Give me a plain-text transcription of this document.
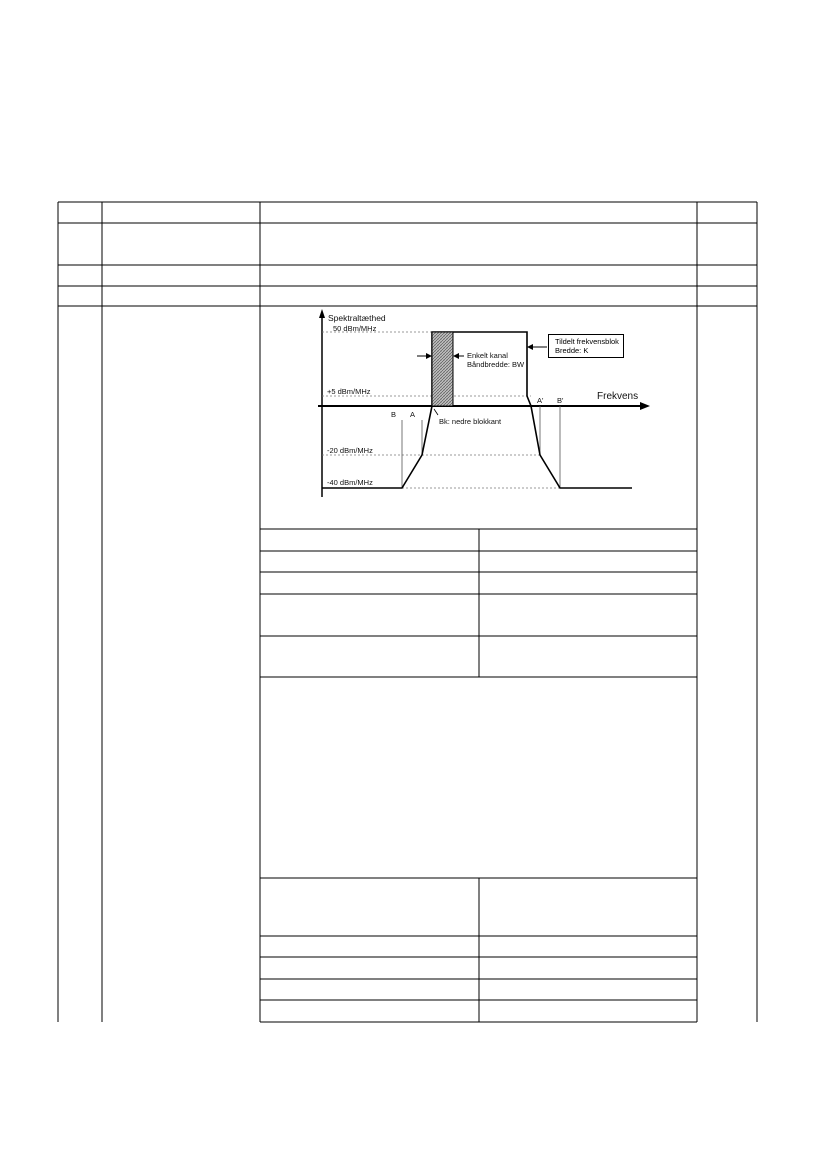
Spektraltæthed
50 dBm/MHz
+5 dBm/MHz
-20 dBm/MHz
-40 dBm/MHz
Frekvens
B A
A' B'
Enkelt kanal
Båndbredde: BW
Tildelt frekvensblok
Bredde: K
Bk: nedre blokkant
